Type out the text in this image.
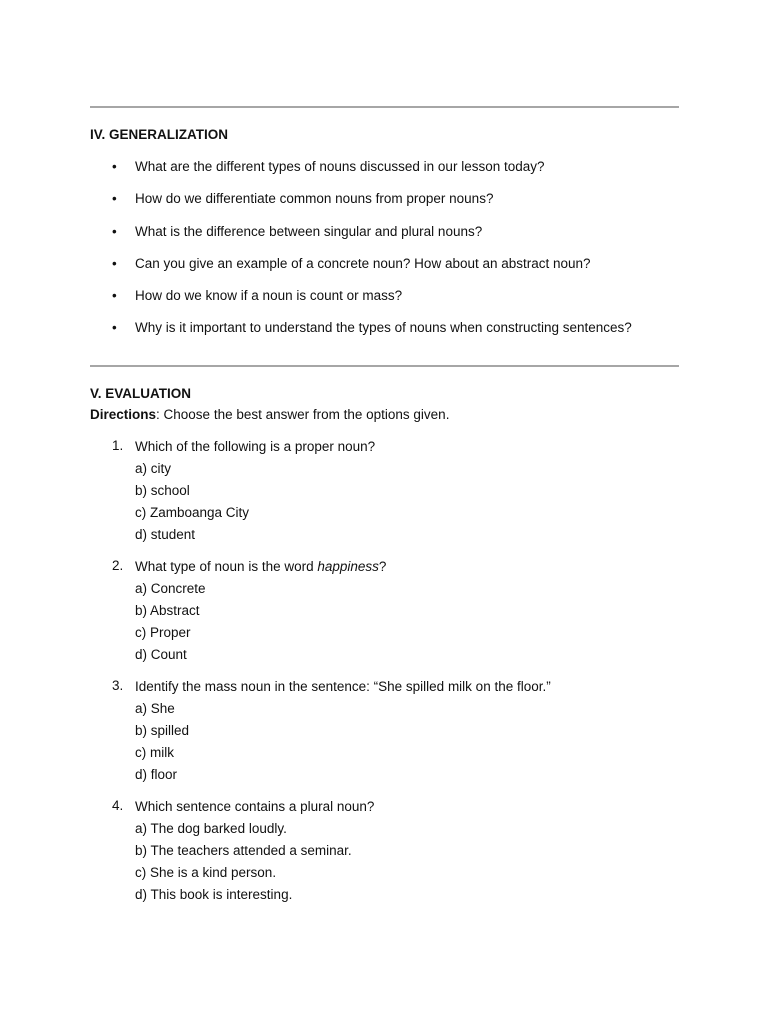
IV. GENERALIZATION
• What are the different types of nouns discussed in our lesson today?
• How do we differentiate common nouns from proper nouns?
• What is the difference between singular and plural nouns?
• Can you give an example of a concrete noun? How about an abstract noun?
• How do we know if a noun is count or mass?
• Why is it important to understand the types of nouns when constructing sentences?
V. EVALUATION

Directions: Choose the best answer from the options given.

1. Which of the following is a proper noun?
a) city
b) school
c) Zamboanga City
d) student
2. What type of noun is the word happiness?
a) Concrete
b) Abstract
c) Proper
d) Count
3. Identify the mass noun in the sentence: “She spilled milk on the floor.”
a) She
b) spilled
c) milk
d) floor
4. Which sentence contains a plural noun?
a) The dog barked loudly.
b) The teachers attended a seminar.
c) She is a kind person.
d) This book is interesting.
